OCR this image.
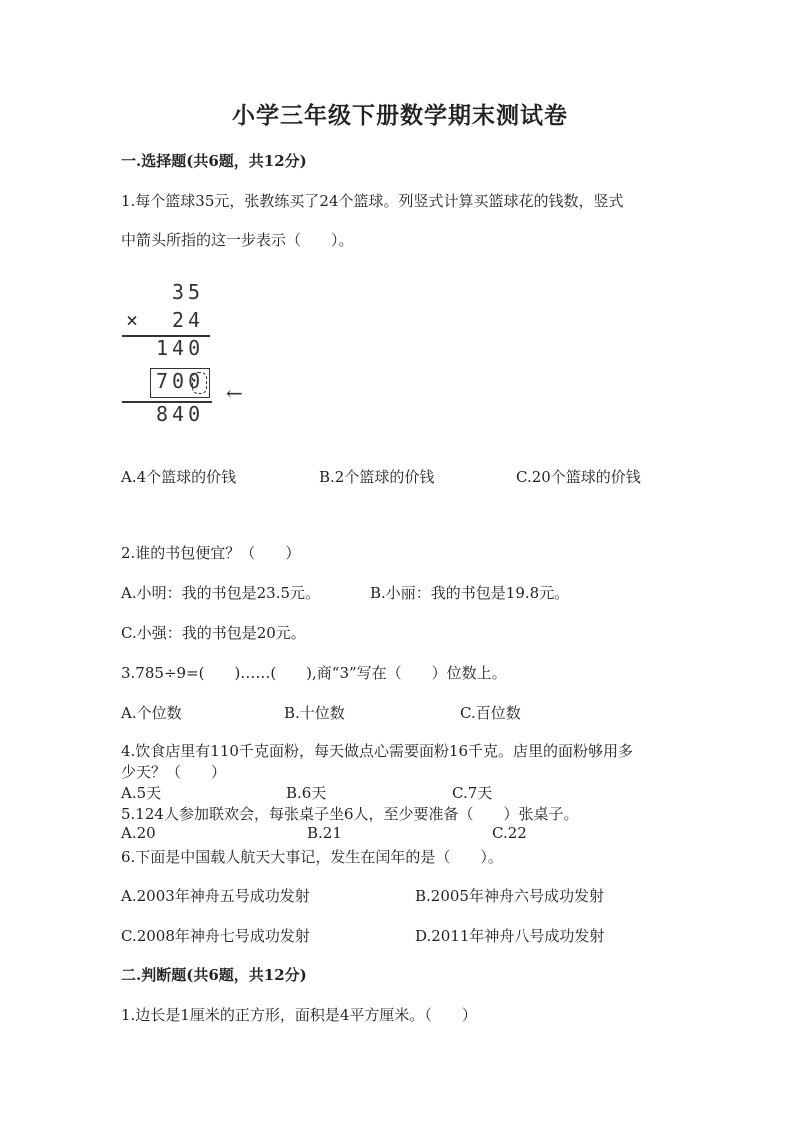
小学三年级下册数学期末测试卷
一.选择题(共6题，共12分)
1.每个篮球35元，张教练买了24个篮球。列竖式计算买篮球花的钱数，竖式
中箭头所指的这一步表示（　　）。
35
× 24
140
700 ←
840
A.4个篮球的价钱	B.2个篮球的价钱	C.20个篮球的价钱
2.谁的书包便宜？（　　）
A.小明：我的书包是23.5元。	B.小丽：我的书包是19.8元。
C.小强：我的书包是20元。
3.785÷9=(　　)……(　　),商“3”写在（　　）位数上。
A.个位数	B.十位数	C.百位数
4.饮食店里有110千克面粉，每天做点心需要面粉16千克。店里的面粉够用多
少天？（　　）
A.5天	B.6天	C.7天
5.124人参加联欢会，每张桌子坐6人，至少要准备（　　）张桌子。
A.20	B.21	C.22
6.下面是中国载人航天大事记，发生在闰年的是（　　）。
A.2003年神舟五号成功发射	B.2005年神舟六号成功发射
C.2008年神舟七号成功发射	D.2011年神舟八号成功发射
二.判断题(共6题，共12分)
1.边长是1厘米的正方形，面积是4平方厘米。（　　）
